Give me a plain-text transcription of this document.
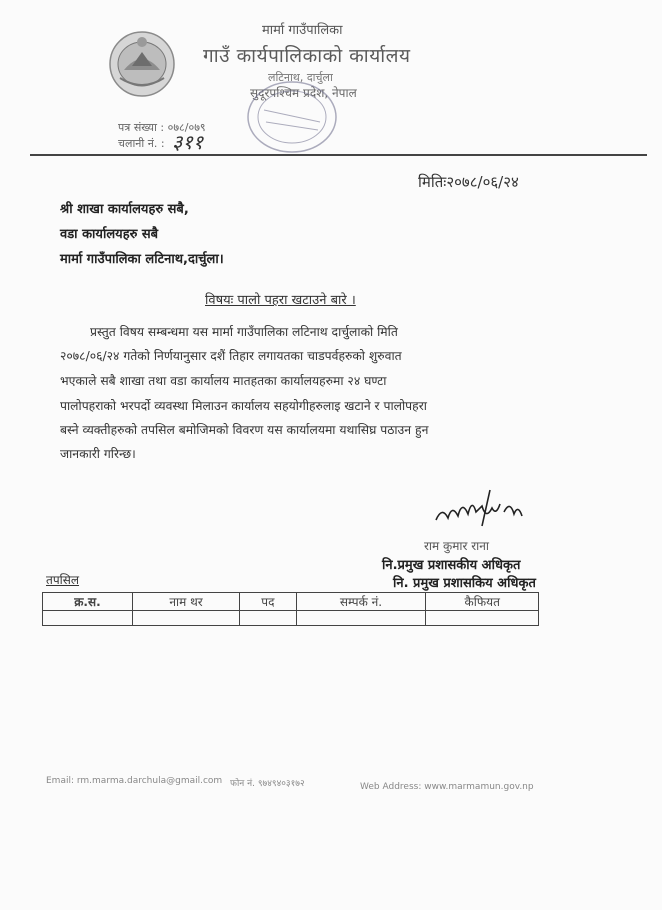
मार्मा गाउँपालिका
गाउँ कार्यपालिकाको कार्यालय
लटिनाथ, दार्चुला
सुदूरपश्चिम प्रदेश, नेपाल
पत्र संख्या : ०७८/०७९
चलानी नं. : ३११
मितिः२०७८/०६/२४
श्री शाखा कार्यालयहरु सबै,
वडा कार्यालयहरु सबै
मार्मा गाउँपालिका लटिनाथ,दार्चुला।
विषयः पालो पहरा खटाउने बारे ।
प्रस्तुत विषय सम्बन्धमा यस मार्मा गाउँपालिका लटिनाथ दार्चुलाको मिति
२०७८/०६/२४ गतेको निर्णयानुसार दशैं तिहार लगायतका चाडपर्वहरुको शुरुवात
भएकाले सबै शाखा तथा वडा कार्यालय मातहतका कार्यालयहरुमा २४ घण्टा
पालोपहराको भरपर्दो व्यवस्था मिलाउन कार्यालय सहयोगीहरुलाइ खटाने र पालोपहरा
बस्ने व्यक्तीहरुको तपसिल बमोजिमको विवरण यस कार्यालयमा यथासिघ्र पठाउन हुन
जानकारी गरिन्छ।
राम कुमार राना
नि.प्रमुख प्रशासकीय अधिकृत
नि. प्रमुख प्रशासकिय अधिकृत
तपसिल
क्र.स.	नाम थर	पद	सम्पर्क नं.	कैफियत

Email: rm.marma.darchula@gmail.com फोन नं. ९७४९४०३१७२	Web Address: www.marmamun.gov.np
